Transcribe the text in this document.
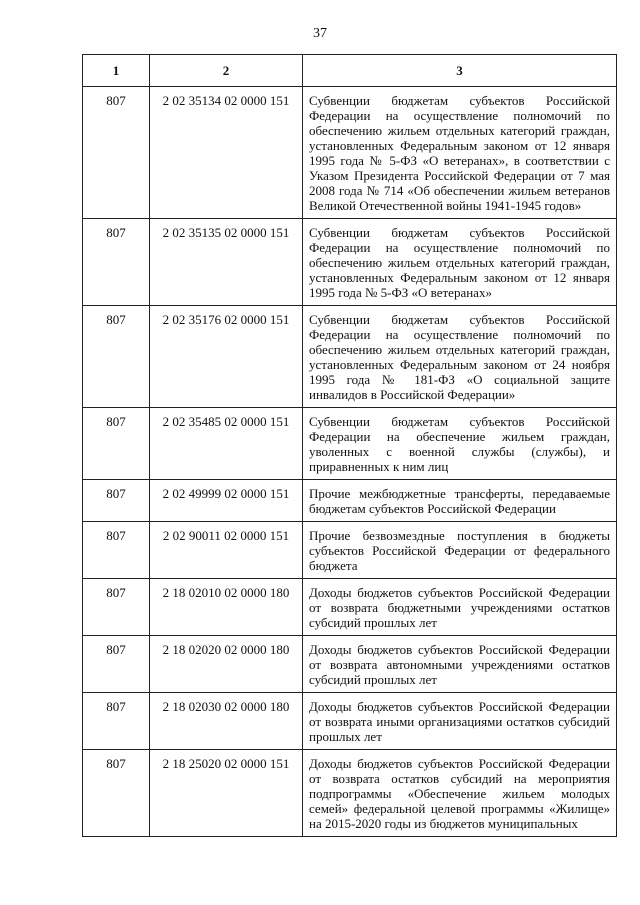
37
1	2	3
807	2 02 35134 02 0000 151	Субвенции бюджетам субъектов Российской Федерации на осуществление полномочий по обеспечению жильем отдельных категорий граждан, установленных Федеральным законом от 12 января 1995 года № 5-ФЗ «О ветеранах», в соответствии с Указом Президента Российской Федерации от 7 мая 2008 года № 714 «Об обеспечении жильем ветеранов Великой Отечественной войны 1941-1945 годов»
807	2 02 35135 02 0000 151	Субвенции бюджетам субъектов Российской Федерации на осуществление полномочий по обеспечению жильем отдельных категорий граждан, установленных Федеральным законом от 12 января 1995 года № 5-ФЗ «О ветеранах»
807	2 02 35176 02 0000 151	Субвенции бюджетам субъектов Российской Федерации на осуществление полномочий по обеспечению жильем отдельных категорий граждан, установленных Федеральным законом от 24 ноября 1995 года № 181-ФЗ «О социальной защите инвалидов в Российской Федерации»
807	2 02 35485 02 0000 151	Субвенции бюджетам субъектов Российской Федерации на обеспечение жильем граждан, уволенных с военной службы (службы), и приравненных к ним лиц
807	2 02 49999 02 0000 151	Прочие межбюджетные трансферты, передаваемые бюджетам субъектов Российской Федерации
807	2 02 90011 02 0000 151	Прочие безвозмездные поступления в бюджеты субъектов Российской Федерации от федерального бюджета
807	2 18 02010 02 0000 180	Доходы бюджетов субъектов Российской Федерации от возврата бюджетными учреждениями остатков субсидий прошлых лет
807	2 18 02020 02 0000 180	Доходы бюджетов субъектов Российской Федерации от возврата автономными учреждениями остатков субсидий прошлых лет
807	2 18 02030 02 0000 180	Доходы бюджетов субъектов Российской Федерации от возврата иными организациями остатков субсидий прошлых лет
807	2 18 25020 02 0000 151	Доходы бюджетов субъектов Российской Федерации от возврата остатков субсидий на мероприятия подпрограммы «Обеспечение жильем молодых семей» федеральной целевой программы «Жилище» на 2015-2020 годы из бюджетов муниципальных
